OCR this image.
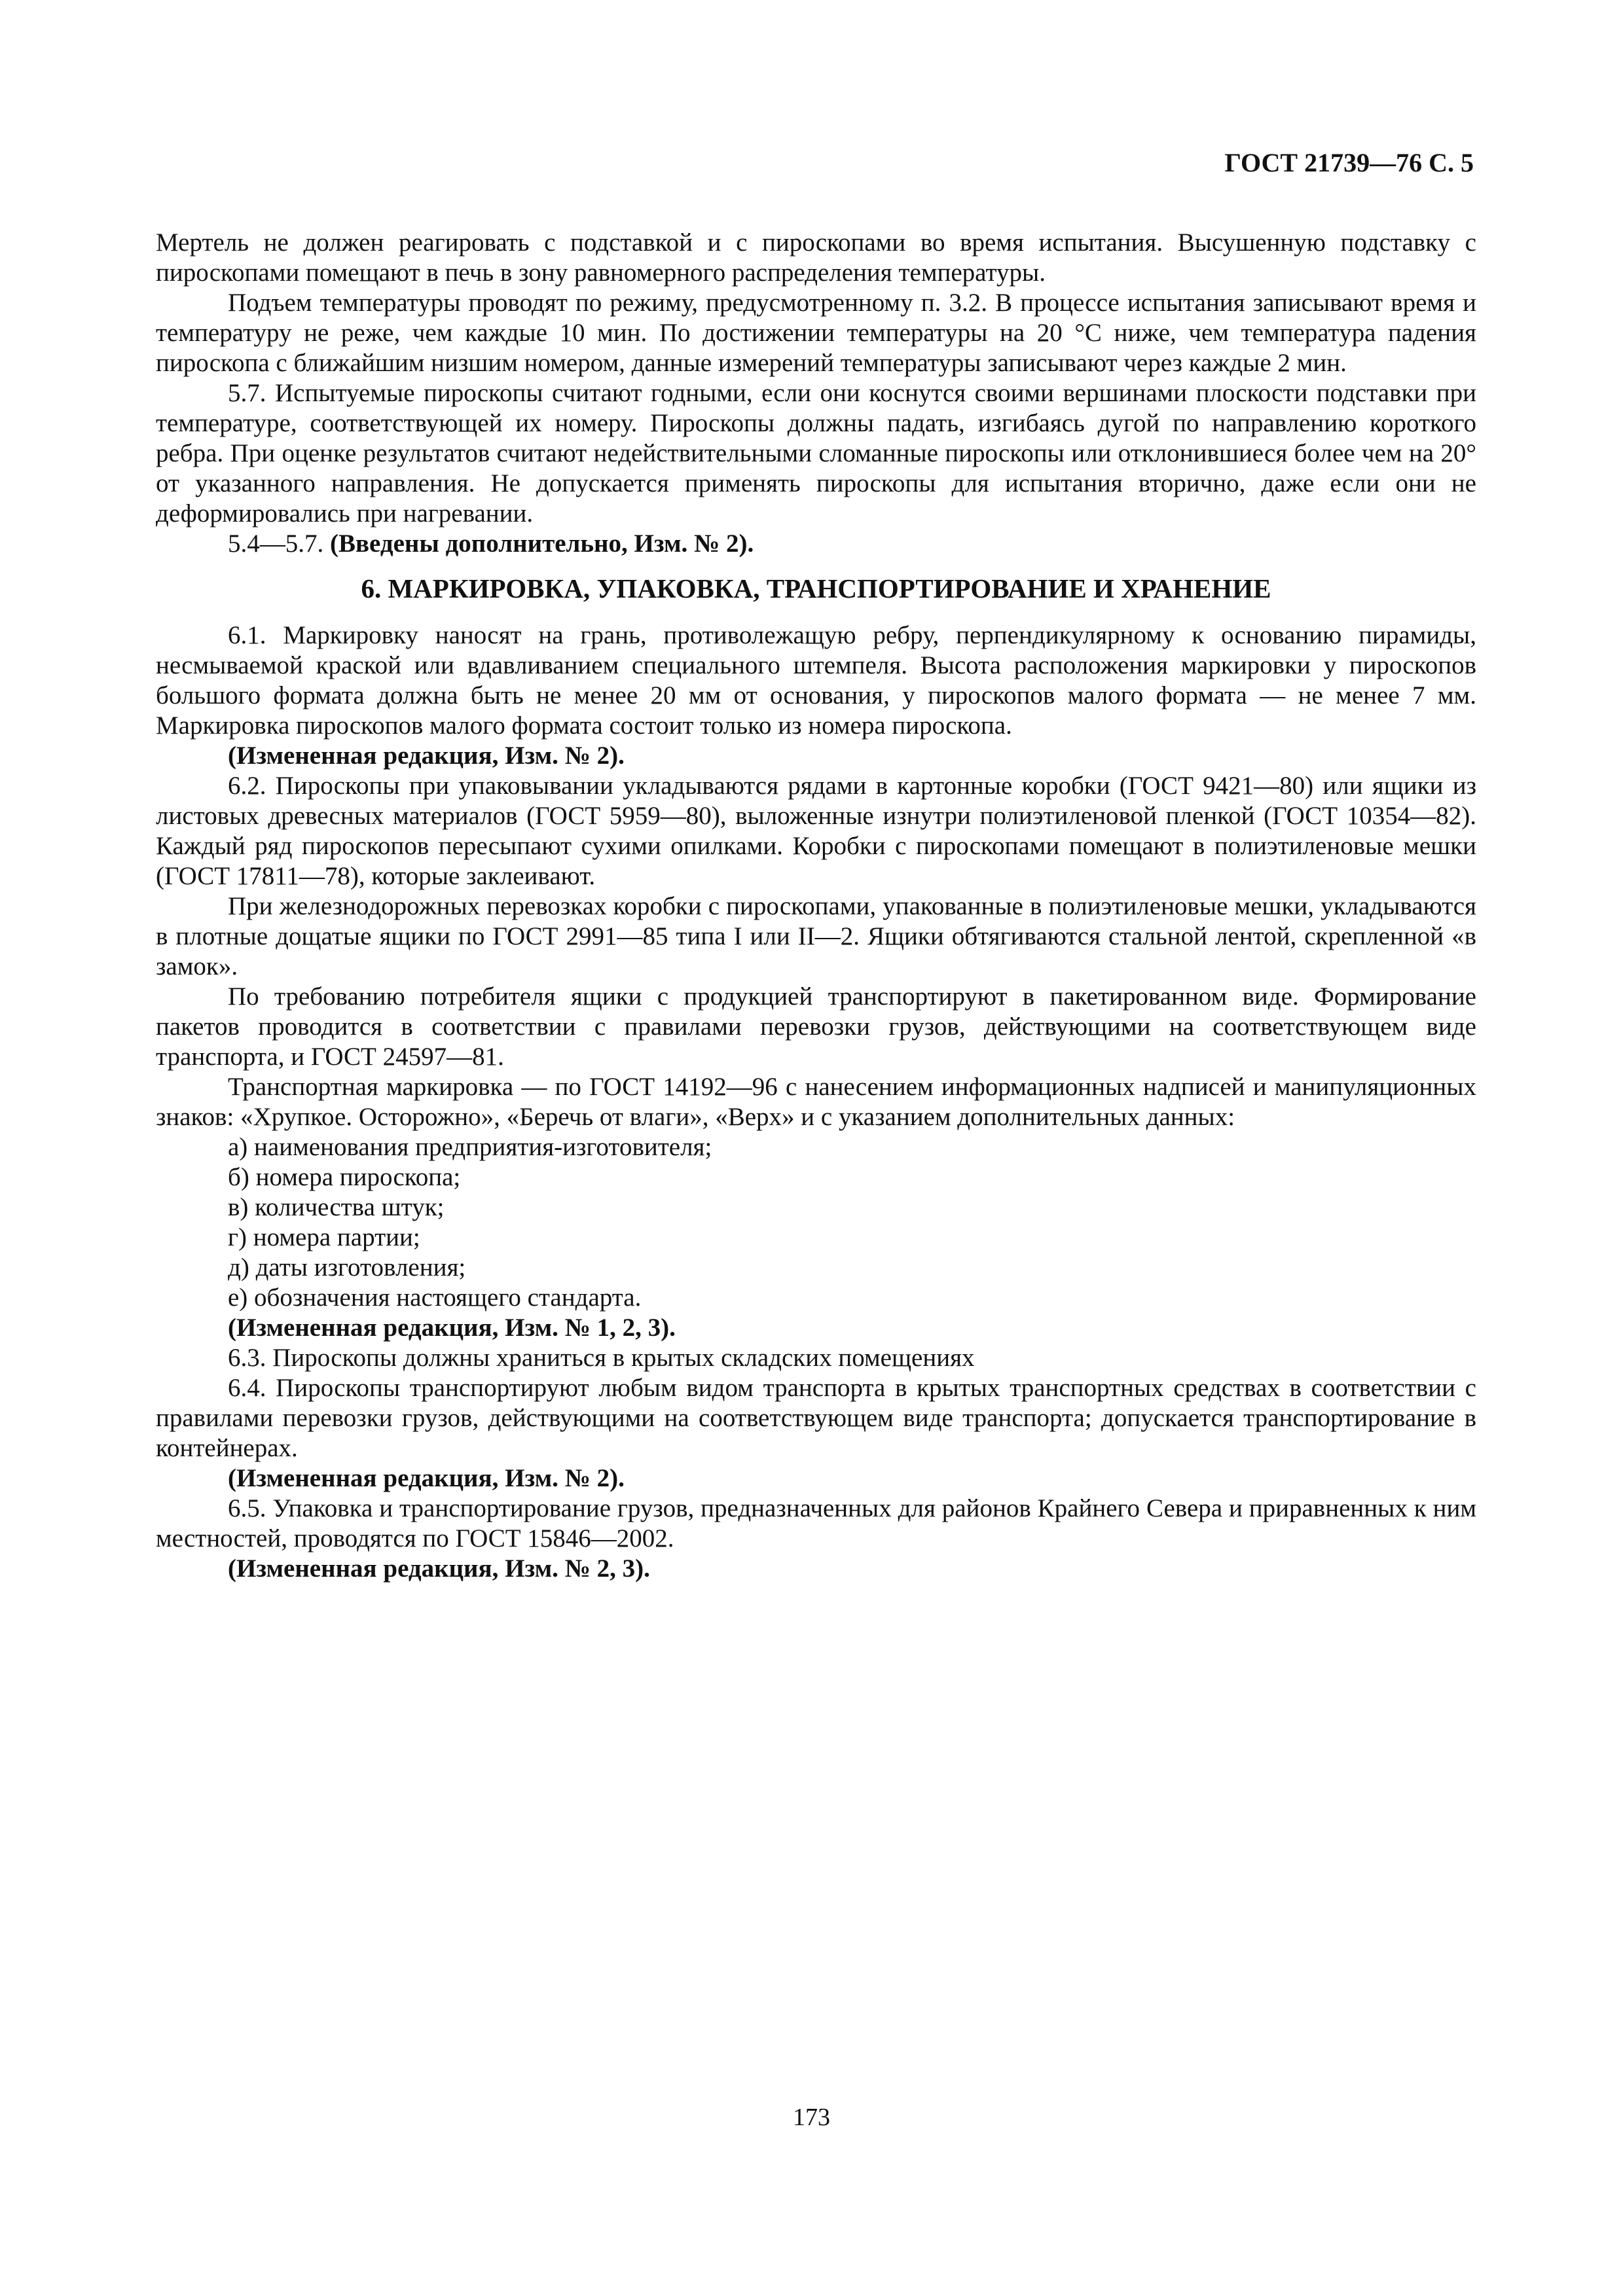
ГОСТ 21739—76 С. 5

Мертель не должен реагировать с подставкой и с пироскопами во время испытания. Высушенную подставку с пироскопами помещают в печь в зону равномерного распределения температуры.

Подъем температуры проводят по режиму, предусмотренному п. 3.2. В процессе испытания записывают время и температуру не реже, чем каждые 10 мин. По достижении температуры на 20 °С ниже, чем температура падения пироскопа с ближайшим низшим номером, данные измерений температуры записывают через каждые 2 мин.

5.7. Испытуемые пироскопы считают годными, если они коснутся своими вершинами плоскости подставки при температуре, соответствующей их номеру. Пироскопы должны падать, изгибаясь дугой по направлению короткого ребра. При оценке результатов считают недействительными сломанные пироскопы или отклонившиеся более чем на 20° от указанного направления. Не допускается применять пироскопы для испытания вторично, даже если они не деформировались при нагревании.

5.4—5.7. (Введены дополнительно, Изм. № 2).

6. МАРКИРОВКА, УПАКОВКА, ТРАНСПОРТИРОВАНИЕ И ХРАНЕНИЕ

6.1. Маркировку наносят на грань, противолежащую ребру, перпендикулярному к основанию пирамиды, несмываемой краской или вдавливанием специального штемпеля. Высота расположения маркировки у пироскопов большого формата должна быть не менее 20 мм от основания, у пироскопов малого формата — не менее 7 мм. Маркировка пироскопов малого формата состоит только из номера пироскопа.

(Измененная редакция, Изм. № 2).

6.2. Пироскопы при упаковывании укладываются рядами в картонные коробки (ГОСТ 9421—80) или ящики из листовых древесных материалов (ГОСТ 5959—80), выложенные изнутри полиэтиленовой пленкой (ГОСТ 10354—82). Каждый ряд пироскопов пересыпают сухими опилками. Коробки с пироскопами помещают в полиэтиленовые мешки (ГОСТ 17811—78), которые заклеивают.

При железнодорожных перевозках коробки с пироскопами, упакованные в полиэтиленовые мешки, укладываются в плотные дощатые ящики по ГОСТ 2991—85 типа I или II—2. Ящики обтягиваются стальной лентой, скрепленной «в замок».

По требованию потребителя ящики с продукцией транспортируют в пакетированном виде. Формирование пакетов проводится в соответствии с правилами перевозки грузов, действующими на соответствующем виде транспорта, и ГОСТ 24597—81.

Транспортная маркировка — по ГОСТ 14192—96 с нанесением информационных надписей и манипуляционных знаков: «Хрупкое. Осторожно», «Беречь от влаги», «Верх» и с указанием дополнительных данных:

а) наименования предприятия-изготовителя;
б) номера пироскопа;
в) количества штук;
г) номера партии;
д) даты изготовления;
е) обозначения настоящего стандарта.

(Измененная редакция, Изм. № 1, 2, 3).

6.3. Пироскопы должны храниться в крытых складских помещениях

6.4. Пироскопы транспортируют любым видом транспорта в крытых транспортных средствах в соответствии с правилами перевозки грузов, действующими на соответствующем виде транспорта; допускается транспортирование в контейнерах.

(Измененная редакция, Изм. № 2).

6.5. Упаковка и транспортирование грузов, предназначенных для районов Крайнего Севера и приравненных к ним местностей, проводятся по ГОСТ 15846—2002.

(Измененная редакция, Изм. № 2, 3).

173
